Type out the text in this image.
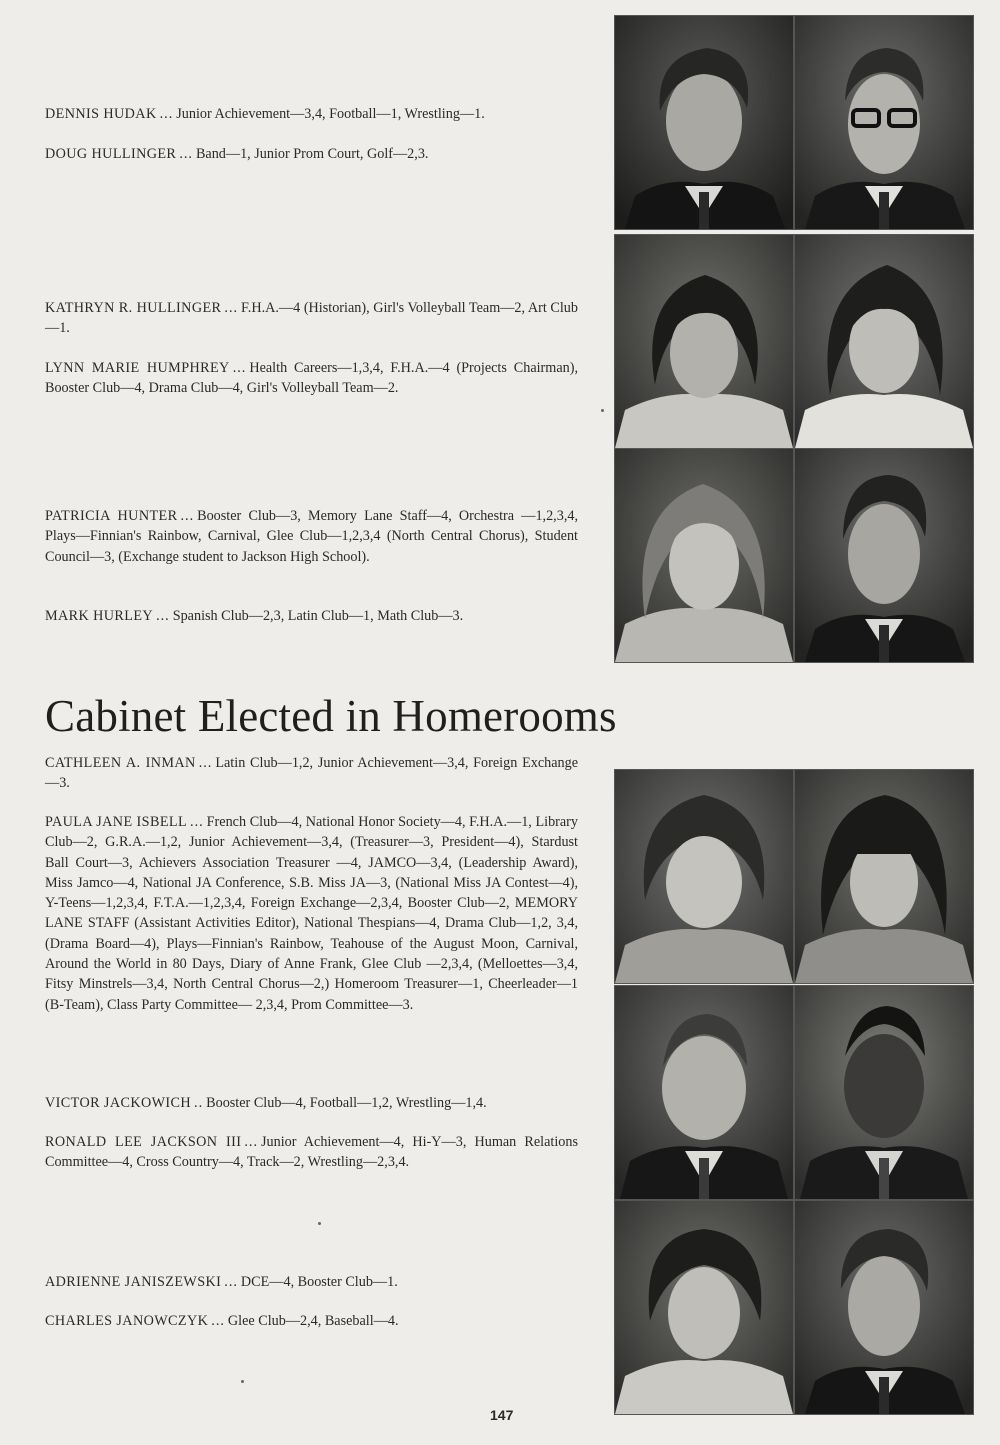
DENNIS HUDAK ... Junior Achievement—3,4, Football—1, Wrestling—1.
DOUG HULLINGER ... Band—1, Junior Prom Court, Golf—2,3.
KATHRYN R. HULLINGER ... F.H.A.—4 (Historian), Girl's Volleyball Team—2, Art Club—1.
LYNN MARIE HUMPHREY ... Health Careers—1,3,4, F.H.A.—4 (Projects Chairman), Booster Club—4, Drama Club—4, Girl's Volleyball Team—2.
PATRICIA HUNTER ... Booster Club—3, Memory Lane Staff—4, Orchestra —1,2,3,4, Plays—Finnian's Rainbow, Carnival, Glee Club—1,2,3,4 (North Central Chorus), Student Council—3, (Exchange student to Jackson High School).
MARK HURLEY ... Spanish Club—2,3, Latin Club—1, Math Club—3.
Cabinet Elected in Homerooms
CATHLEEN A. INMAN ... Latin Club—1,2, Junior Achievement—3,4, Foreign Exchange—3.
PAULA JANE ISBELL ... French Club—4, National Honor Society—4, F.H.A.—1, Library Club—2, G.R.A.—1,2, Junior Achievement—3,4, (Treasurer—3, President—4), Stardust Ball Court—3, Achievers Association Treasurer —4, JAMCO—3,4, (Leadership Award), Miss Jamco—4, National JA Conference, S.B. Miss JA—3, (National Miss JA Contest—4), Y-Teens—1,2,3,4, F.T.A.—1,2,3,4, Foreign Exchange—2,3,4, Booster Club—2, MEMORY LANE STAFF (Assistant Activities Editor), National Thespians—4, Drama Club—1,2, 3,4, (Drama Board—4), Plays—Finnian's Rainbow, Teahouse of the August Moon, Carnival, Around the World in 80 Days, Diary of Anne Frank, Glee Club —2,3,4, (Melloettes—3,4, Fitsy Minstrels—3,4, North Central Chorus—2,) Homeroom Treasurer—1, Cheerleader—1 (B-Team), Class Party Committee— 2,3,4, Prom Committee—3.
VICTOR JACKOWICH .. Booster Club—4, Football—1,2, Wrestling—1,4.
RONALD LEE JACKSON III ... Junior Achievement—4, Hi-Y—3, Human Relations Committee—4, Cross Country—4, Track—2, Wrestling—2,3,4.
ADRIENNE JANISZEWSKI ... DCE—4, Booster Club—1.
CHARLES JANOWCZYK ... Glee Club—2,4, Baseball—4.
147
